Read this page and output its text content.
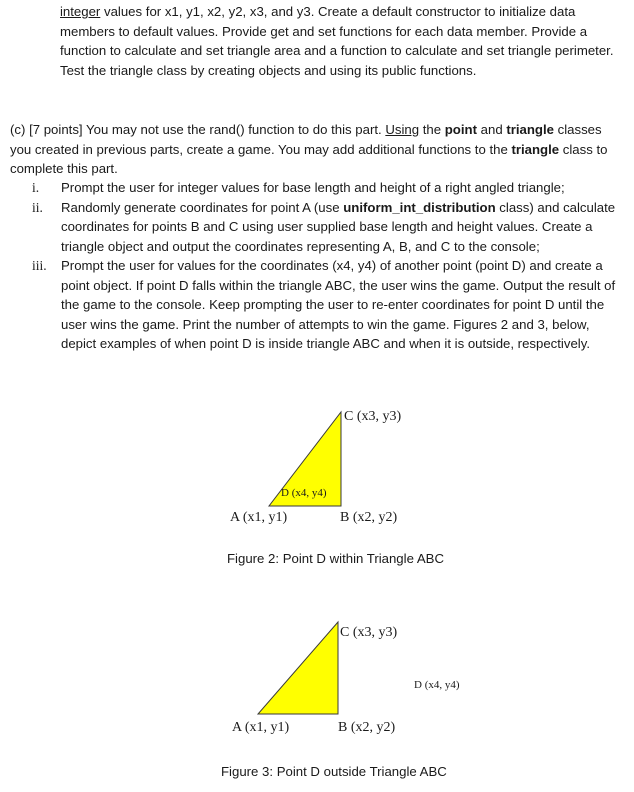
integer values for x1, y1, x2, y2, x3, and y3. Create a default constructor to initialize data members to default values. Provide get and set functions for each data member. Provide a function to calculate and set triangle area and a function to calculate and set triangle perimeter. Test the triangle class by creating objects and using its public functions.

(c) [7 points] You may not use the rand() function to do this part. Using the point and triangle classes you created in previous parts, create a game. You may add additional functions to the triangle class to complete this part.

i. Prompt the user for integer values for base length and height of a right angled triangle;
ii. Randomly generate coordinates for point A (use uniform_int_distribution class) and calculate coordinates for points B and C using user supplied base length and height values. Create a triangle object and output the coordinates representing A, B, and C to the console;
iii. Prompt the user for values for the coordinates (x4, y4) of another point (point D) and create a point object. If point D falls within the triangle ABC, the user wins the game. Output the result of the game to the console. Keep prompting the user to re-enter coordinates for point D until the user wins the game. Print the number of attempts to win the game. Figures 2 and 3, below, depict examples of when point D is inside triangle ABC and when it is outside, respectively.
C (x3, y3)
D (x4, y4)
A (x1, y1)	B (x2, y2)
C (x3, y3)
D (x4, y4)
A (x1, y1)	B (x2, y2)
Figure 2: Point D within Triangle ABC
Figure 3: Point D outside Triangle ABC
